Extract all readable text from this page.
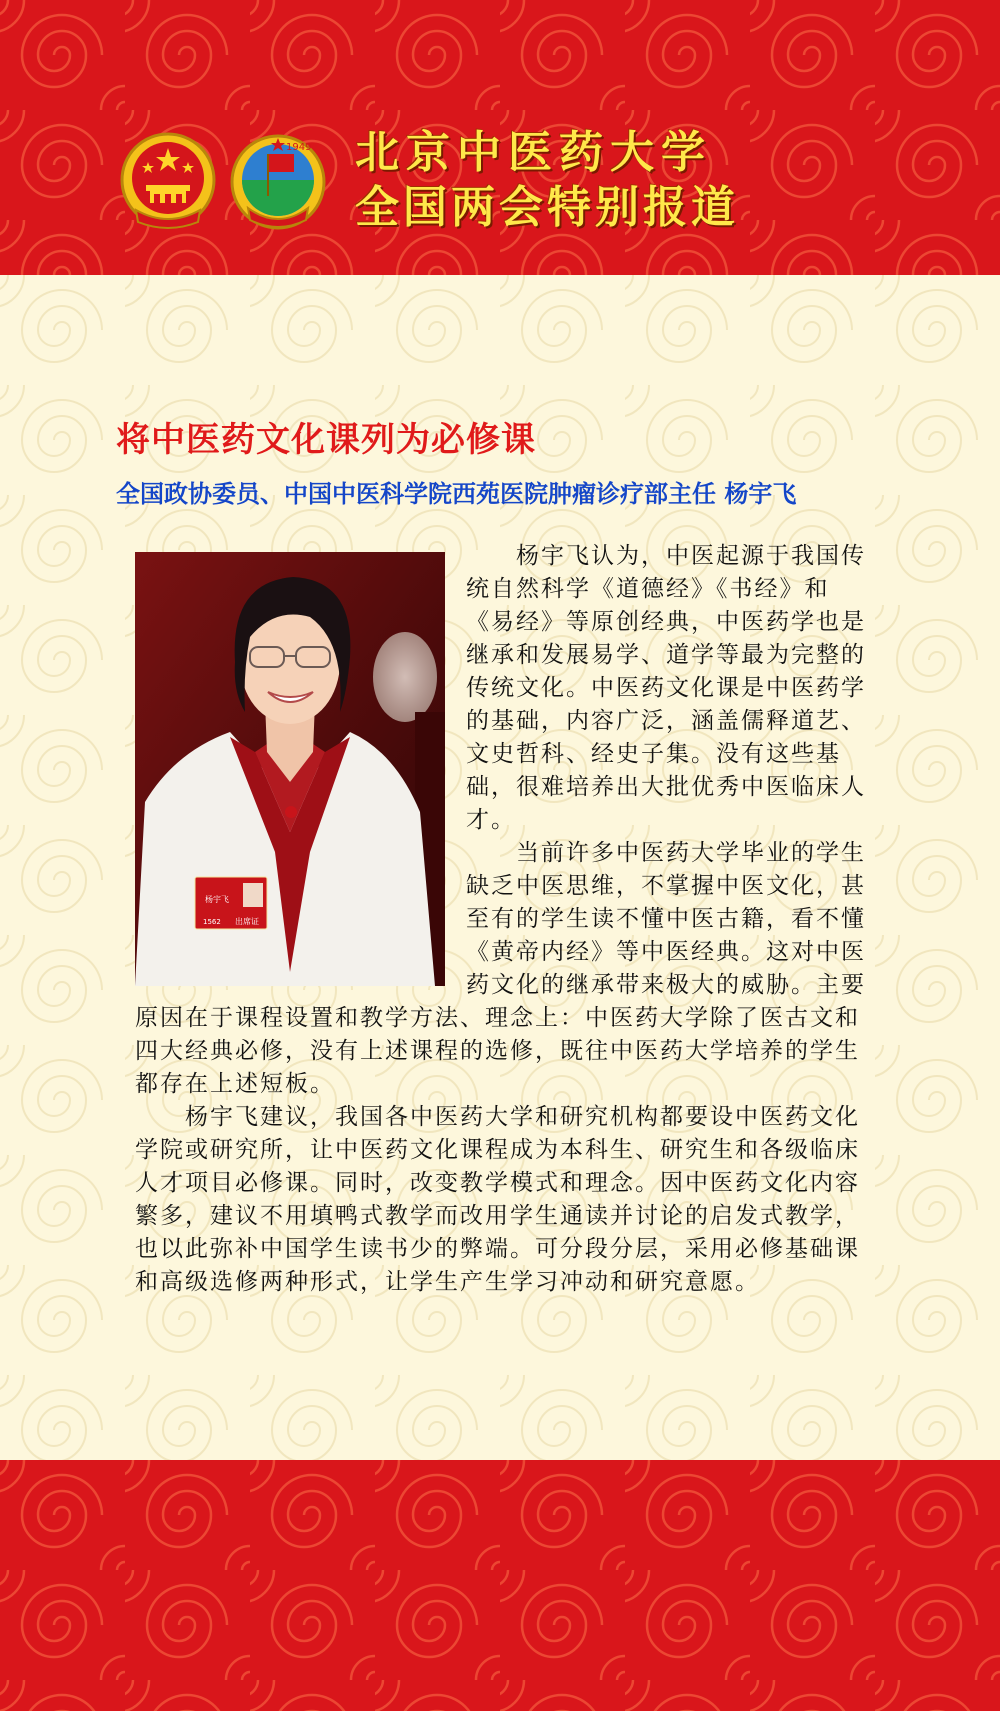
1949 北京中医药大学
全国两会特别报道
将中医药文化课列为必修课
全国政协委员、中国中医科学院西苑医院肿瘤诊疗部主任 杨宇飞
杨宇飞
1562 出席证
杨宇飞认为，中医起源于我国传
统自然科学《道德经》《书经》和
《易经》等原创经典，中医药学也是
继承和发展易学、道学等最为完整的
传统文化。中医药文化课是中医药学
的基础，内容广泛，涵盖儒释道艺、
文史哲科、经史子集。没有这些基
础，很难培养出大批优秀中医临床人
才。
当前许多中医药大学毕业的学生
缺乏中医思维，不掌握中医文化，甚
至有的学生读不懂中医古籍，看不懂
《黄帝内经》等中医经典。这对中医
药文化的继承带来极大的威胁。主要
原因在于课程设置和教学方法、理念上：中医药大学除了医古文和
四大经典必修，没有上述课程的选修，既往中医药大学培养的学生
都存在上述短板。
杨宇飞建议，我国各中医药大学和研究机构都要设中医药文化
学院或研究所，让中医药文化课程成为本科生、研究生和各级临床
人才项目必修课。同时，改变教学模式和理念。因中医药文化内容
繁多，建议不用填鸭式教学而改用学生通读并讨论的启发式教学，
也以此弥补中国学生读书少的弊端。可分段分层，采用必修基础课
和高级选修两种形式，让学生产生学习冲动和研究意愿。
